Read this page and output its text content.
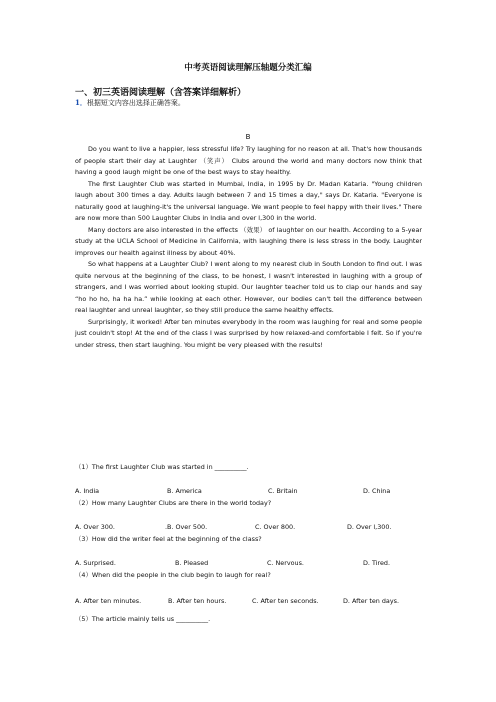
中考英语阅读理解压轴题分类汇编
一、初三英语阅读理解（含答案详细解析）
1．根据短文内容出选择正确答案。
B

Do you want to live a happier, less stressful life? Try laughing for no reason at all. That's how thousands of people start their day at Laughter （笑声） Clubs around the world and many doctors now think that having a good laugh might be one of the best ways to stay healthy.

The first Laughter Club was started in Mumbai, India, in 1995 by Dr. Madan Kataria. "Young children laugh about 300 times a day. Adults laugh between 7 and 15 times a day," says Dr. Kataria. "Everyone is naturally good at laughing-it's the universal language. We want people to feel happy with their lives." There are now more than 500 Laughter Clubs in India and over l,300 in the world.

Many doctors are also interested in the effects （效果） of laughter on our health. According to a 5-year study at the UCLA School of Medicine in California, with laughing there is less stress in the body. Laughter improves our health against illness by about 40%.

So what happens at a Laughter Club? I went along to my nearest club in South London to find out. I was quite nervous at the beginning of the class, to be honest, I wasn't interested in laughing with a group of strangers, and I was worried about looking stupid. Our laughter teacher told us to clap our hands and say “ho ho ho, ha ha ha.” while looking at each other. However, our bodies can't tell the difference between real laughter and unreal laughter, so they still produce the same healthy effects.

Surprisingly, it worked! After ten minutes everybody in the room was laughing for real and some people just couldn't stop! At the end of the class I was surprised by how relaxed-and comfortable I felt. So if you're under stress, then start laughing. You might be very pleased with the results!

（1）The first Laughter Club was started in __________.
A. India	B. America	C. Britain	D. China
（2）How many Laughter Clubs are there in the world today?
A. Over 300.	.B. Over 500.	C. Over 800.	D. Over l,300.
（3）How did the writer feel at the beginning of the class?
A. Surprised.	B. Pleased	C. Nervous.	D. Tired.
（4）When did the people in the club begin to laugh for real?
A. After ten minutes.	B. After ten hours.	C. After ten seconds.	D. After ten days.
（5）The article mainly tells us __________.
